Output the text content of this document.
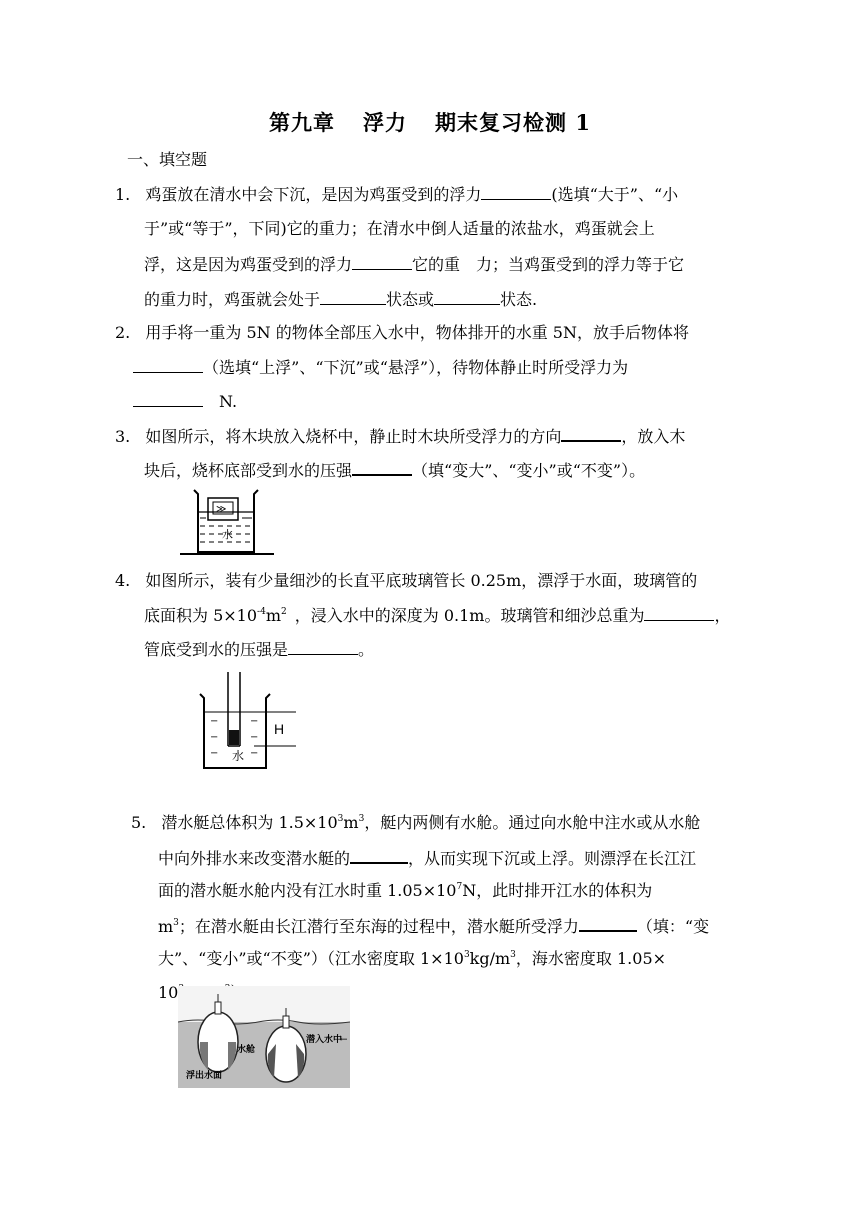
第九章 浮力 期末复习检测 1
一、填空题
1. 鸡蛋放在清水中会下沉，是因为鸡蛋受到的浮力	(选填“大于”、“小
于”或“等于”，下同)它的重力；在清水中倒人适量的浓盐水，鸡蛋就会上
浮，这是因为鸡蛋受到的浮力	它的重　力；当鸡蛋受到的浮力等于它
的重力时，鸡蛋就会处于	状态或	状态.
2. 用手将一重为 5N 的物体全部压入水中，物体排开的水重 5N，放手后物体将
（选填“上浮”、“下沉”或“悬浮”），待物体静止时所受浮力为
N.
3. 如图所示，将木块放入烧杯中，静止时木块所受浮力的方向	，放入木
块后，烧杯底部受到水的压强	（填“变大”、“变小”或“不变”）。
≫
水
4. 如图所示，装有少量细沙的长直平底玻璃管长 0.25m，漂浮于水面，玻璃管的
底面积为 $5\times 10^{-4}m^2$ ，浸入水中的深度为 0.1m。玻璃管和细沙总重为	，
管底受到水的压强是	。
−
−
−
−
−
−
水
H
5. 潜水艇总体积为 $1.5\times 10^3m^3$，艇内两侧有水舱。通过向水舱中注水或从水舱
中向外排水来改变潜水艇的	，从而实现下沉或上浮。则漂浮在长江江
面的潜水艇水舱内没有江水时重 $1.05\times 10^7N$，此时排开江水的体积为
$m^3$；在潜水艇由长江潜行至东海的过程中，潜水艇所受浮力	（填：“变
大”、“变小”或“不变”）（江水密度取 $1\times 10^3kg/m^3$，海水密度取 1.05×
10
水舱
潜入水中
浮出水面
←
